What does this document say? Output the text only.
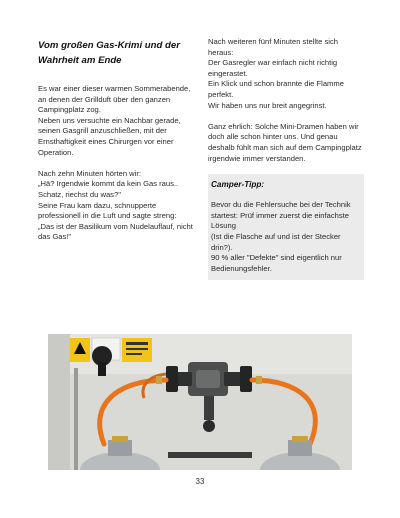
Vom großen Gas-Krimi und der Wahrheit am Ende

Es war einer dieser warmen Sommerabende, an denen der Grillduft über den ganzen Campingplatz zog.

Neben uns versuchte ein Nachbar gerade, seinen Gasgrill anzuschließen, mit der Ernsthaftigkeit eines Chirurgen vor einer Operation.

Nach zehn Minuten hörten wir:

„Hä? Irgendwie kommt da kein Gas raus.. Schatz, riechst du was?"

Seine Frau kam dazu, schnupperte professionell in die Luft und sagte streng:

„Das ist der Basilikum vom Nudelauflauf, nicht das Gas!"

Nach weiteren fünf Minuten stellte sich heraus:

Der Gasregler war einfach nicht richtig eingerastet.

Ein Klick und schon brannte die Flamme perfekt.

Wir haben uns nur breit angegrinst.

Ganz ehrlich: Solche Mini-Dramen haben wir doch alle schon hinter uns. Und genau deshalb fühlt man sich auf dem Campingplatz irgendwie immer verstanden.

Camper-Tipp:

Bevor du die Fehlersuche bei der Technik startest: Prüf immer zuerst die einfachste Lösung

(Ist die Flasche auf und ist der Stecker drin?).

90 % aller "Defekte" sind eigentlich nur Bedienungsfehler.

33
